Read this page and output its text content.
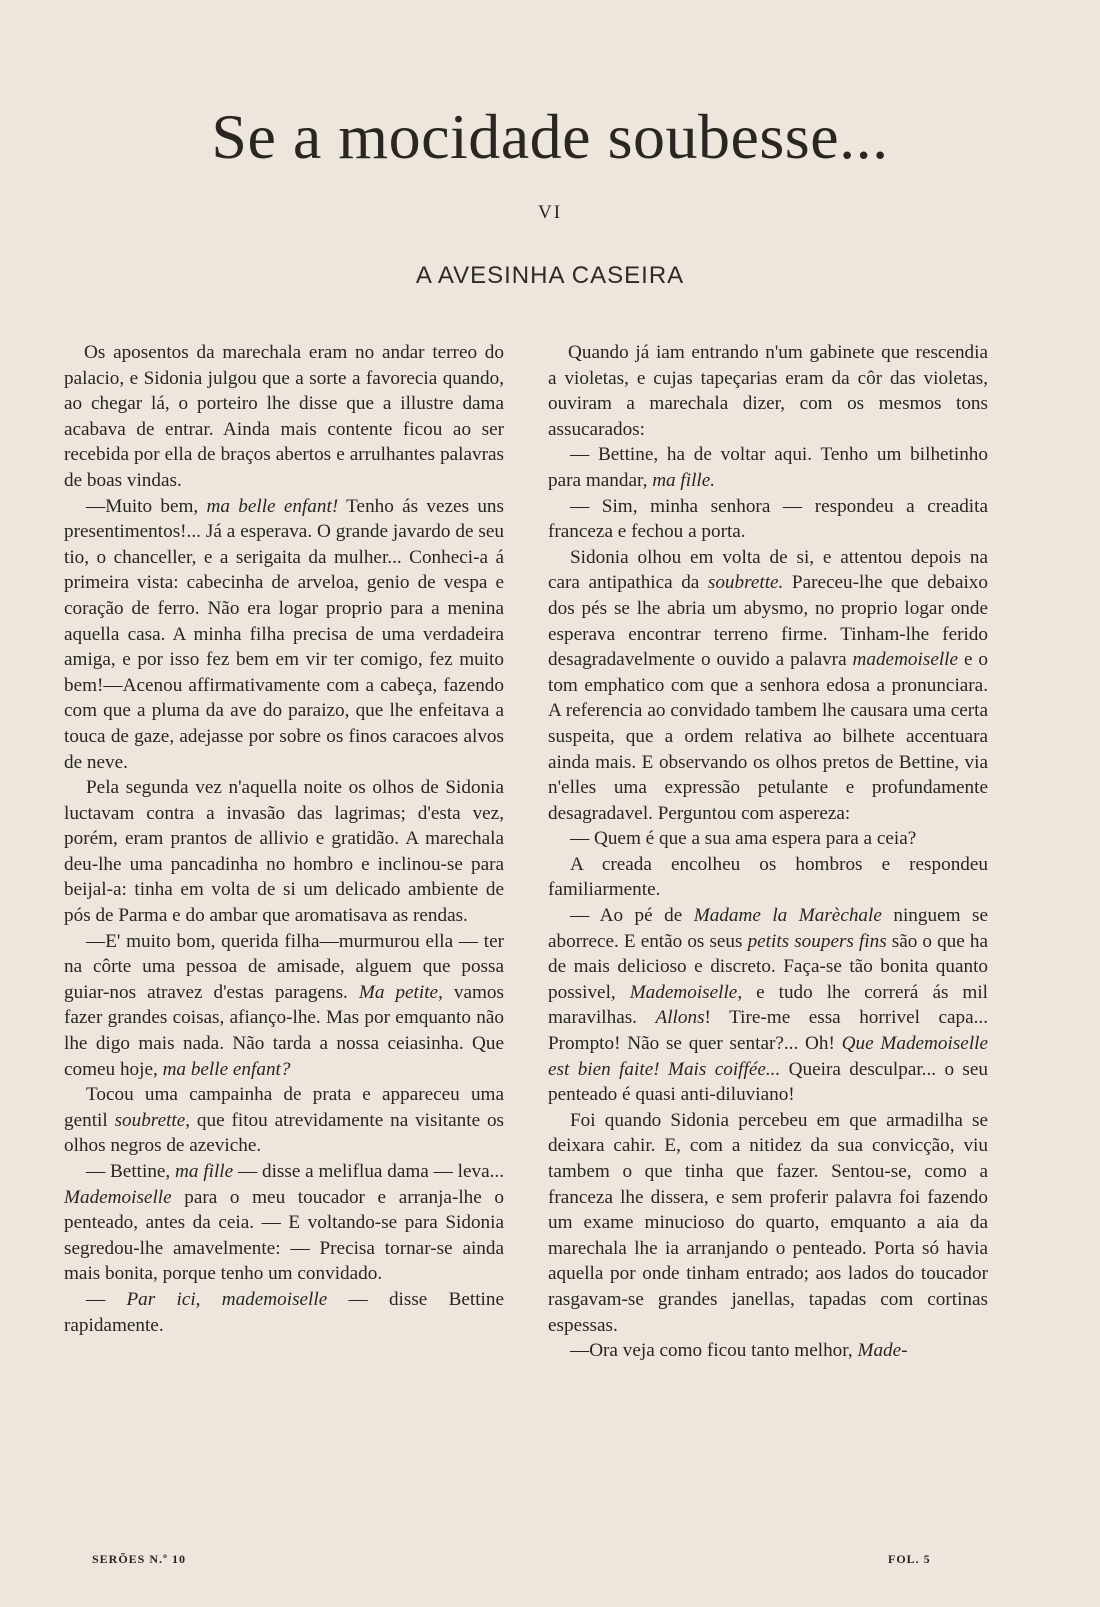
Se a mocidade soubesse...
VI
A AVESINHA CASEIRA

Os aposentos da marechala eram no andar terreo do palacio, e Sidonia julgou que a sorte a favorecia quando, ao chegar lá, o porteiro lhe disse que a illustre dama acabava de entrar. Ainda mais contente ficou ao ser recebida por ella de braços abertos e arrulhantes palavras de boas vindas.

—Muito bem, ma belle enfant! Tenho ás vezes uns presentimentos!... Já a esperava. O grande javardo de seu tio, o chanceller, e a serigaita da mulher... Conheci-a á primeira vista: cabecinha de arveloa, genio de vespa e coração de ferro. Não era logar proprio para a menina aquella casa. A minha filha precisa de uma verdadeira amiga, e por isso fez bem em vir ter comigo, fez muito bem!—Acenou affirmativamente com a cabeça, fazendo com que a pluma da ave do paraizo, que lhe enfeitava a touca de gaze, adejasse por sobre os finos caracoes alvos de neve.

Pela segunda vez n'aquella noite os olhos de Sidonia luctavam contra a invasão das lagrimas; d'esta vez, porém, eram prantos de allivio e gratidão. A marechala deu-lhe uma pancadinha no hombro e inclinou-se para beijal-a: tinha em volta de si um delicado ambiente de pós de Parma e do ambar que aromatisava as rendas.

—E' muito bom, querida filha—murmurou ella — ter na côrte uma pessoa de amisade, alguem que possa guiar-nos atravez d'estas paragens. Ma petite, vamos fazer grandes coisas, afianço-lhe. Mas por emquanto não lhe digo mais nada. Não tarda a nossa ceiasinha. Que comeu hoje, ma belle enfant?

Tocou uma campainha de prata e appareceu uma gentil soubrette, que fitou atrevidamente na visitante os olhos negros de azeviche.

— Bettine, ma fille — disse a meliflua dama — leva... Mademoiselle para o meu toucador e arranja-lhe o penteado, antes da ceia. — E voltando-se para Sidonia segredou-lhe amavelmente: — Precisa tornar-se ainda mais bonita, porque tenho um convidado.

— Par ici, mademoiselle — disse Bettine rapidamente.

Quando já iam entrando n'um gabinete que rescendia a violetas, e cujas tapeçarias eram da côr das violetas, ouviram a marechala dizer, com os mesmos tons assucarados:

— Bettine, ha de voltar aqui. Tenho um bilhetinho para mandar, ma fille.

— Sim, minha senhora — respondeu a creadita franceza e fechou a porta.

Sidonia olhou em volta de si, e attentou depois na cara antipathica da soubrette. Pareceu-lhe que debaixo dos pés se lhe abria um abysmo, no proprio logar onde esperava encontrar terreno firme. Tinham-lhe ferido desagradavelmente o ouvido a palavra mademoiselle e o tom emphatico com que a senhora edosa a pronunciara. A referencia ao convidado tambem lhe causara uma certa suspeita, que a ordem relativa ao bilhete accentuara ainda mais. E observando os olhos pretos de Bettine, via n'elles uma expressão petulante e profundamente desagradavel. Perguntou com aspereza:

— Quem é que a sua ama espera para a ceia?

A creada encolheu os hombros e respondeu familiarmente.

— Ao pé de Madame la Marèchale ninguem se aborrece. E então os seus petits soupers fins são o que ha de mais delicioso e discreto. Faça-se tão bonita quanto possivel, Mademoiselle, e tudo lhe correrá ás mil maravilhas. Allons! Tire-me essa horrivel capa... Prompto! Não se quer sentar?... Oh! Que Mademoiselle est bien faite! Mais coiffée... Queira desculpar... o seu penteado é quasi anti-diluviano!

Foi quando Sidonia percebeu em que armadilha se deixara cahir. E, com a nitidez da sua convicção, viu tambem o que tinha que fazer. Sentou-se, como a franceza lhe dissera, e sem proferir palavra foi fazendo um exame minucioso do quarto, emquanto a aia da marechala lhe ia arranjando o penteado. Porta só havia aquella por onde tinham entrado; aos lados do toucador rasgavam-se grandes janellas, tapadas com cortinas espessas.

—Ora veja como ficou tanto melhor, Made-

SERÕES N.º 10	FOL. 5
